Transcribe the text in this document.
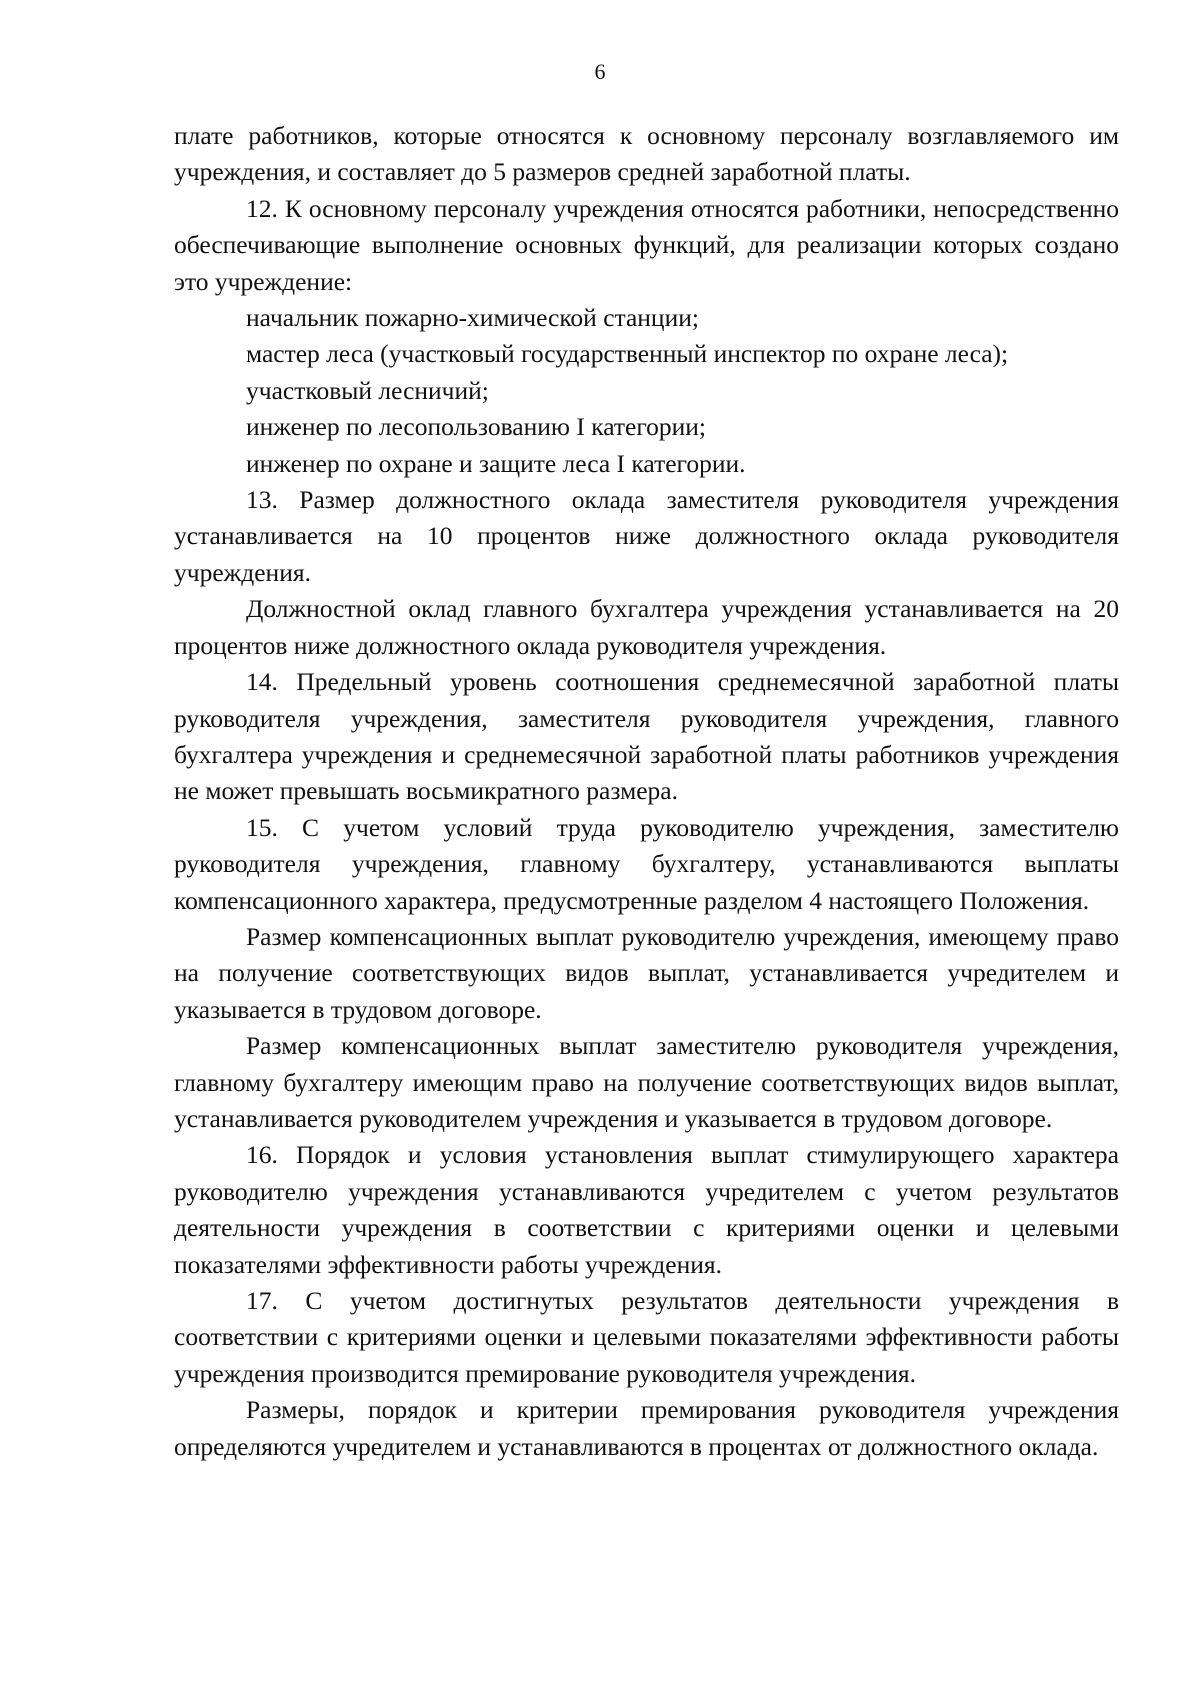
6

плате работников, которые относятся к основному персоналу возглавляемого им учреждения, и составляет до 5 размеров средней заработной платы.

12. К основному персоналу учреждения относятся работники, непосредственно обеспечивающие выполнение основных функций, для реализации которых создано это учреждение:

начальник пожарно-химической станции;

мастер леса (участковый государственный инспектор по охране леса);

участковый лесничий;

инженер по лесопользованию I категории;

инженер по охране и защите леса I категории.

13. Размер должностного оклада заместителя руководителя учреждения устанавливается на 10 процентов ниже должностного оклада руководителя учреждения.

Должностной оклад главного бухгалтера учреждения устанавливается на 20 процентов ниже должностного оклада руководителя учреждения.

14. Предельный уровень соотношения среднемесячной заработной платы руководителя учреждения, заместителя руководителя учреждения, главного бухгалтера учреждения и среднемесячной заработной платы работников учреждения не может превышать восьмикратного размера.

15. С учетом условий труда руководителю учреждения, заместителю руководителя учреждения, главному бухгалтеру, устанавливаются выплаты компенсационного характера, предусмотренные разделом 4 настоящего Положения.

Размер компенсационных выплат руководителю учреждения, имеющему право на получение соответствующих видов выплат, устанавливается учредителем и указывается в трудовом договоре.

Размер компенсационных выплат заместителю руководителя учреждения, главному бухгалтеру имеющим право на получение соответствующих видов выплат, устанавливается руководителем учреждения и указывается в трудовом договоре.

16. Порядок и условия установления выплат стимулирующего характера руководителю учреждения устанавливаются учредителем с учетом результатов деятельности учреждения в соответствии с критериями оценки и целевыми показателями эффективности работы учреждения.

17. С учетом достигнутых результатов деятельности учреждения в соответствии с критериями оценки и целевыми показателями эффективности работы учреждения производится премирование руководителя учреждения.

Размеры, порядок и критерии премирования руководителя учреждения определяются учредителем и устанавливаются в процентах от должностного оклада.
